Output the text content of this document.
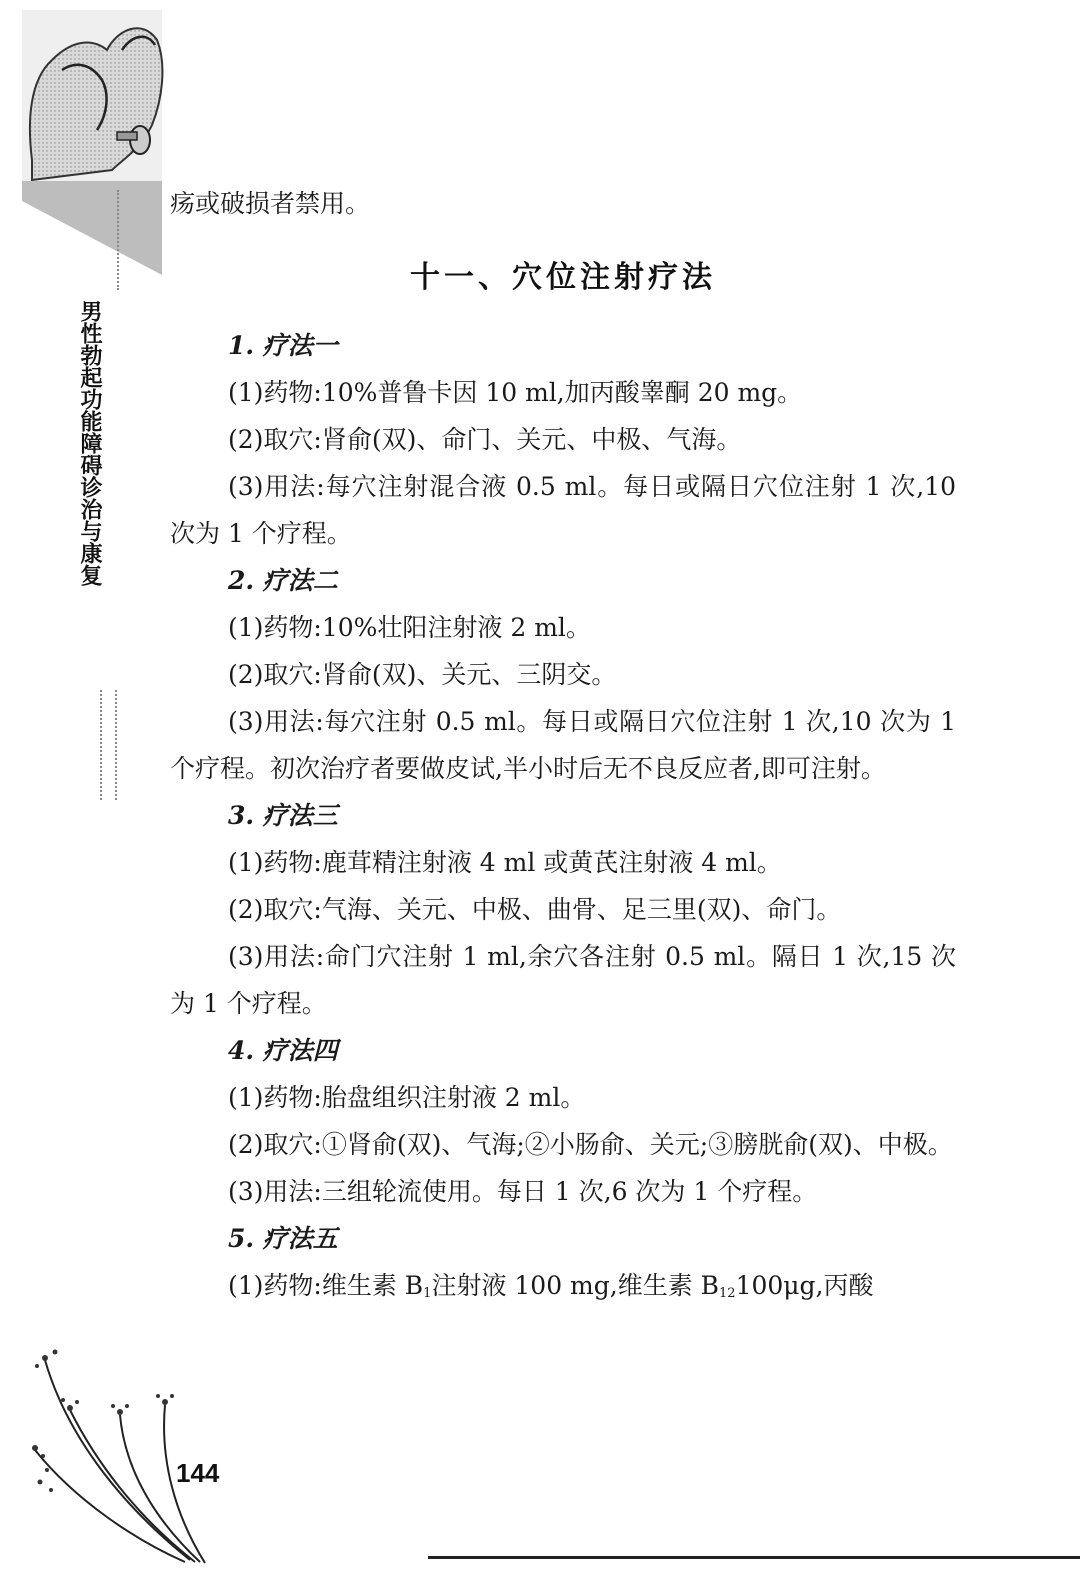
男性勃起功能障碍诊治与康复

疡或破损者禁用。

十一、穴位注射疗法

1. 疗法一

(1)药物:10%普鲁卡因 10 ml,加丙酸睾酮 20 mg。

(2)取穴:肾俞(双)、命门、关元、中极、气海。

(3)用法:每穴注射混合液 0.5 ml。每日或隔日穴位注射 1 次,10 次为 1 个疗程。

2. 疗法二

(1)药物:10%壮阳注射液 2 ml。

(2)取穴:肾俞(双)、关元、三阴交。

(3)用法:每穴注射 0.5 ml。每日或隔日穴位注射 1 次,10 次为 1 个疗程。初次治疗者要做皮试,半小时后无不良反应者,即可注射。

3. 疗法三

(1)药物:鹿茸精注射液 4 ml 或黄芪注射液 4 ml。

(2)取穴:气海、关元、中极、曲骨、足三里(双)、命门。

(3)用法:命门穴注射 1 ml,余穴各注射 0.5 ml。隔日 1 次,15 次为 1 个疗程。

4. 疗法四

(1)药物:胎盘组织注射液 2 ml。

(2)取穴:①肾俞(双)、气海;②小肠俞、关元;③膀胱俞(双)、中极。

(3)用法:三组轮流使用。每日 1 次,6 次为 1 个疗程。

5. 疗法五

(1)药物:维生素 $B_1$注射液 100 mg,维生素 $B_{12}100\mu g$,丙酸

144
